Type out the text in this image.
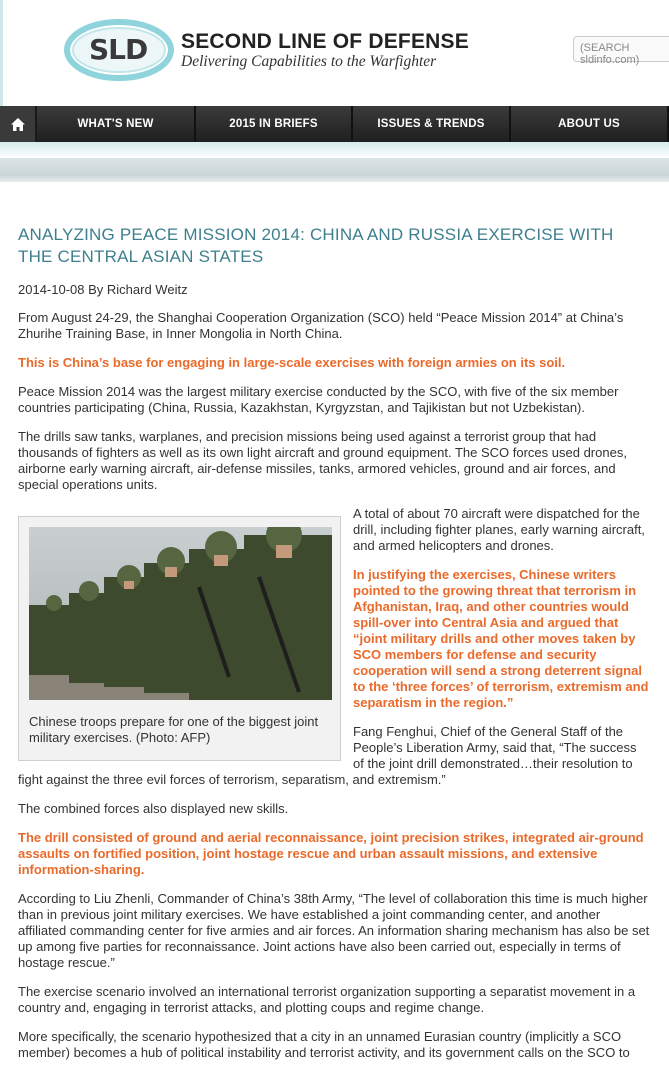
SLD SECOND LINE OF DEFENSE
Delivering Capabilities to the Warfighter
(SEARCH sldinfo.com)
WHAT'S NEW	2015 IN BRIEFS	ISSUES & TRENDS	ABOUT US
ANALYZING PEACE MISSION 2014: CHINA AND RUSSIA EXERCISE WITH THE CENTRAL ASIAN STATES
2014-10-08 By Richard Weitz

From August 24-29, the Shanghai Cooperation Organization (SCO) held “Peace Mission 2014” at China’s Zhurihe Training Base, in Inner Mongolia in North China.

This is China’s base for engaging in large-scale exercises with foreign armies on its soil.

Peace Mission 2014 was the largest military exercise conducted by the SCO, with five of the six member countries participating (China, Russia, Kazakhstan, Kyrgyzstan, and Tajikistan but not Uzbekistan).

The drills saw tanks, warplanes, and precision missions being used against a terrorist group that had thousands of fighters as well as its own light aircraft and ground equipment. The SCO forces used drones, airborne early warning aircraft, air-defense missiles, tanks, armored vehicles, ground and air forces, and special operations units.

Chinese troops prepare for one of the biggest joint military exercises. (Photo: AFP)

A total of about 70 aircraft were dispatched for the drill, including fighter planes, early warning aircraft, and armed helicopters and drones.

In justifying the exercises, Chinese writers pointed to the growing threat that terrorism in Afghanistan, Iraq, and other countries would spill-over into Central Asia and argued that “joint military drills and other moves taken by SCO members for defense and security cooperation will send a strong deterrent signal to the ‘three forces’ of terrorism, extremism and separatism in the region.”

Fang Fenghui, Chief of the General Staff of the People’s Liberation Army, said that, “The success of the joint drill demonstrated…their resolution to fight against the three evil forces of terrorism, separatism, and extremism.”

The combined forces also displayed new skills.

The drill consisted of ground and aerial reconnaissance, joint precision strikes, integrated air-ground assaults on fortified position, joint hostage rescue and urban assault missions, and extensive information-sharing.

According to Liu Zhenli, Commander of China’s 38th Army, “The level of collaboration this time is much higher than in previous joint military exercises. We have established a joint commanding center, and another affiliated commanding center for five armies and air forces. An information sharing mechanism has also be set up among five parties for reconnaissance. Joint actions have also been carried out, especially in terms of hostage rescue.”

The exercise scenario involved an international terrorist organization supporting a separatist movement in a country and, engaging in terrorist attacks, and plotting coups and regime change.

More specifically, the scenario hypothesized that a city in an unnamed Eurasian country (implicitly a SCO member) becomes a hub of political instability and terrorist activity, and its government calls on the SCO to
